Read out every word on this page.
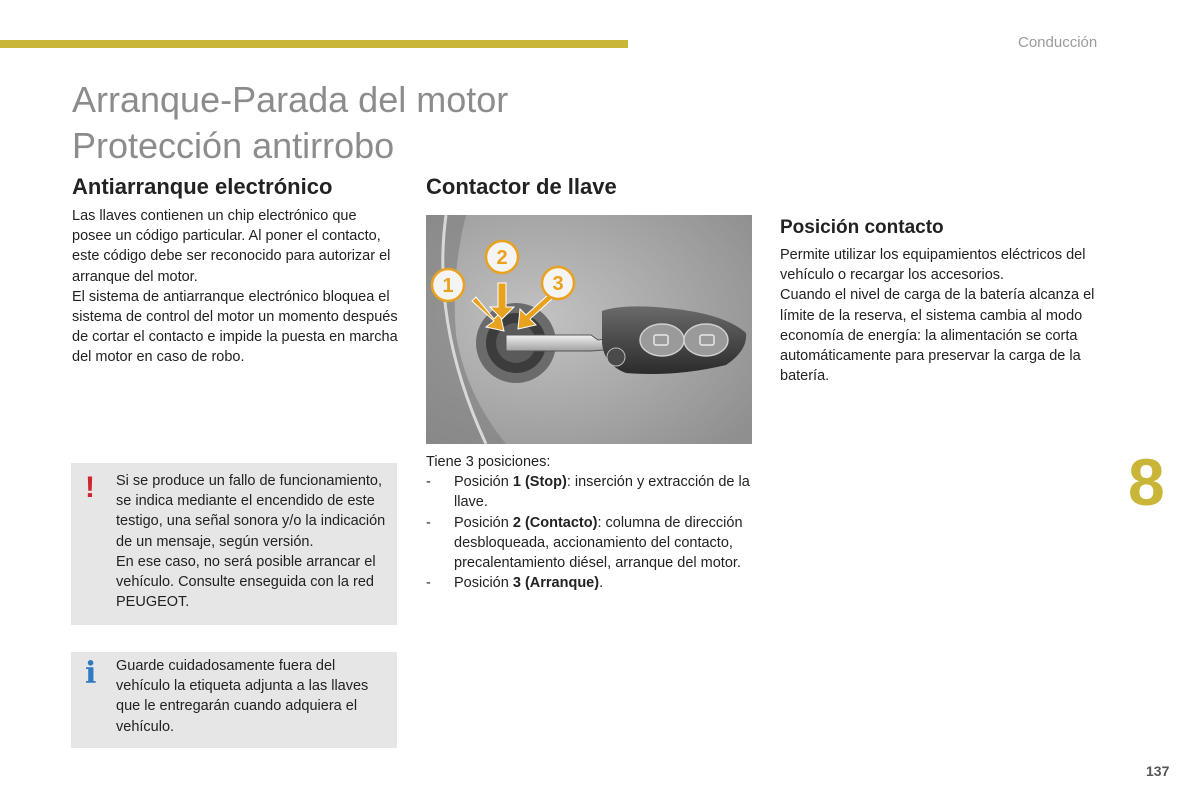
Conducción
Arranque-Parada del motor
Protección antirrobo
Antiarranque electrónico

Las llaves contienen un chip electrónico que posee un código particular. Al poner el contacto, este código debe ser reconocido para autorizar el arranque del motor.

El sistema de antiarranque electrónico bloquea el sistema de control del motor un momento después de cortar el contacto e impide la puesta en marcha del motor en caso de robo.

! Si se produce un fallo de funcionamiento, se indica mediante el encendido de este testigo, una señal sonora y/o la indicación de un mensaje, según versión.

En ese caso, no será posible arrancar el vehículo. Consulte enseguida con la red PEUGEOT.

i Guarde cuidadosamente fuera del vehículo la etiqueta adjunta a las llaves que le entregarán cuando adquiera el vehículo.

Contactor de llave
1
2
3
Tiene 3 posiciones:
-	Posición 1 (Stop): inserción y extracción de la llave.
-	Posición 2 (Contacto): columna de dirección desbloqueada, accionamiento del contacto, precalentamiento diésel, arranque del motor.
-	Posición 3 (Arranque).
Posición contacto

Permite utilizar los equipamientos eléctricos del vehículo o recargar los accesorios.

Cuando el nivel de carga de la batería alcanza el límite de la reserva, el sistema cambia al modo economía de energía: la alimentación se corta automáticamente para preservar la carga de la batería.

8
137
